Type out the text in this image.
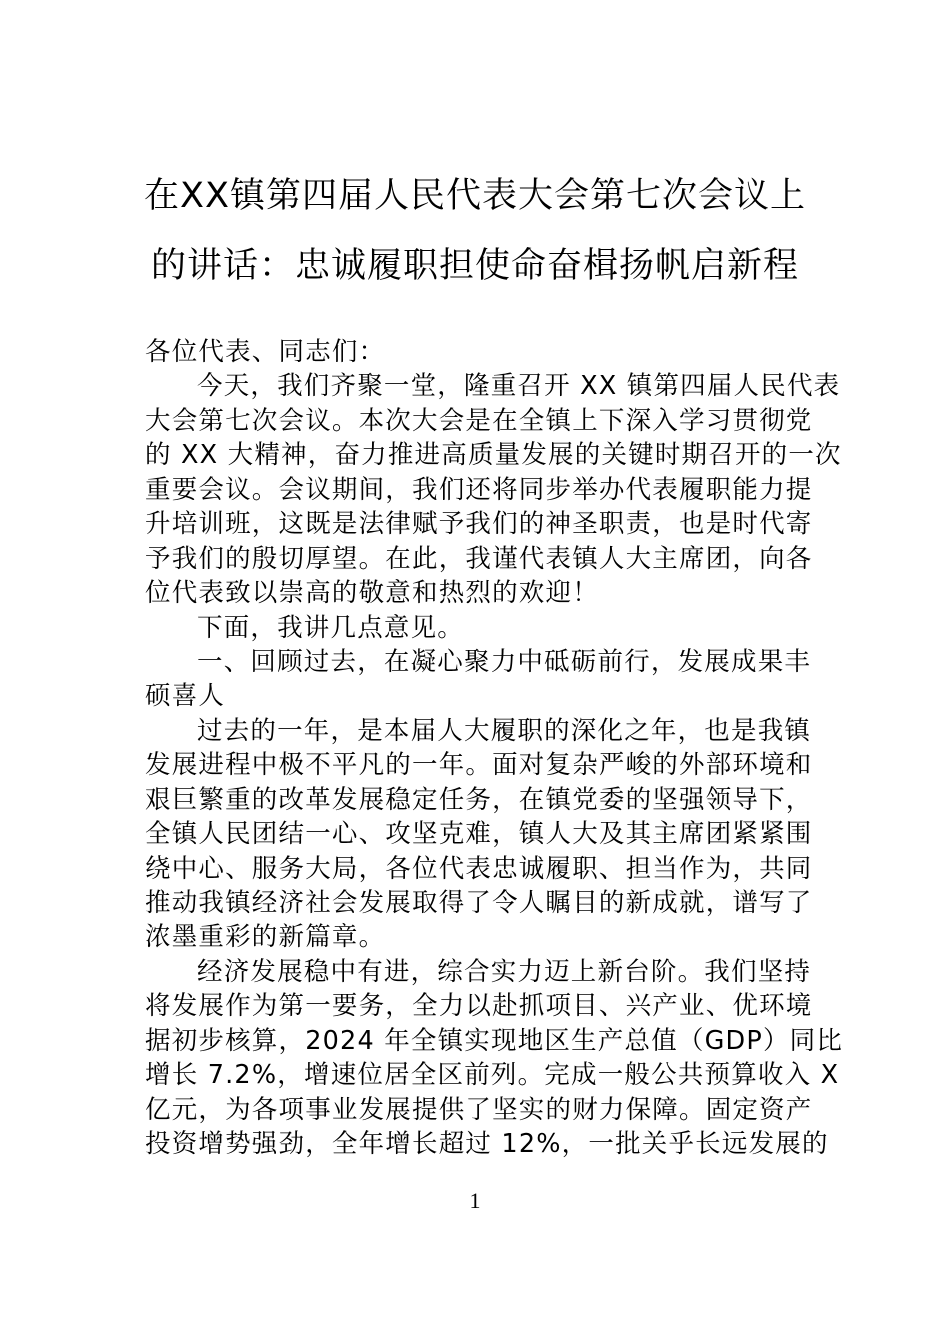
在XX镇第四届人民代表大会第七次会议上
的讲话：忠诚履职担使命奋楫扬帆启新程
各位代表、同志们：
今天，我们齐聚一堂，隆重召开 XX 镇第四届人民代表
大会第七次会议。本次大会是在全镇上下深入学习贯彻党
的 XX 大精神，奋力推进高质量发展的关键时期召开的一次
重要会议。会议期间，我们还将同步举办代表履职能力提
升培训班，这既是法律赋予我们的神圣职责，也是时代寄
予我们的殷切厚望。在此，我谨代表镇人大主席团，向各
位代表致以崇高的敬意和热烈的欢迎！
下面，我讲几点意见。
一、回顾过去，在凝心聚力中砥砺前行，发展成果丰
硕喜人
过去的一年，是本届人大履职的深化之年，也是我镇
发展进程中极不平凡的一年。面对复杂严峻的外部环境和
艰巨繁重的改革发展稳定任务，在镇党委的坚强领导下，
全镇人民团结一心、攻坚克难，镇人大及其主席团紧紧围
绕中心、服务大局，各位代表忠诚履职、担当作为，共同
推动我镇经济社会发展取得了令人瞩目的新成就，谱写了
浓墨重彩的新篇章。
经济发展稳中有进，综合实力迈上新台阶。我们坚持
将发展作为第一要务，全力以赴抓项目、兴产业、优环境
据初步核算，2024 年全镇实现地区生产总值（GDP）同比
增长 7.2%，增速位居全区前列。完成一般公共预算收入 X
亿元，为各项事业发展提供了坚实的财力保障。固定资产
投资增势强劲，全年增长超过 12%，一批关乎长远发展的
1
